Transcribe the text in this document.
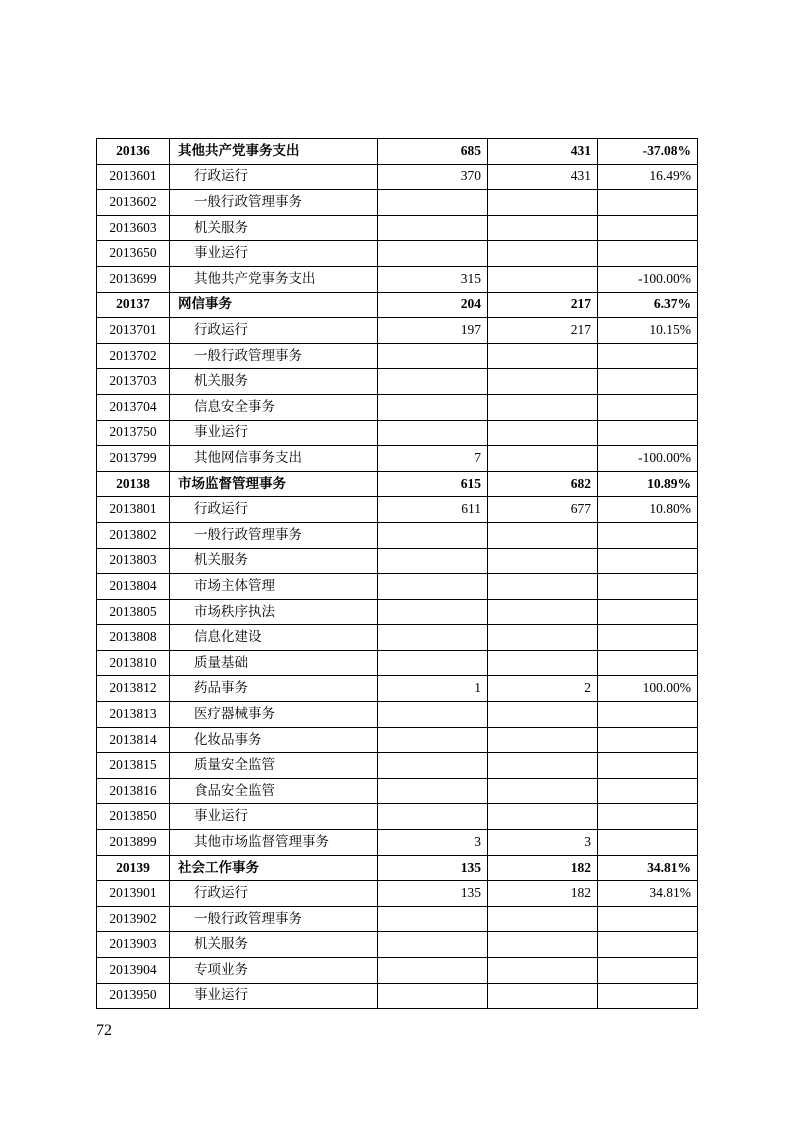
20136	其他共产党事务支出	685	431	-37.08%
2013601	行政运行	370	431	16.49%
2013602	一般行政管理事务			
2013603	机关服务			
2013650	事业运行			
2013699	其他共产党事务支出	315		-100.00%
20137	网信事务	204	217	6.37%
2013701	行政运行	197	217	10.15%
2013702	一般行政管理事务			
2013703	机关服务			
2013704	信息安全事务			
2013750	事业运行			
2013799	其他网信事务支出	7		-100.00%
20138	市场监督管理事务	615	682	10.89%
2013801	行政运行	611	677	10.80%
2013802	一般行政管理事务			
2013803	机关服务			
2013804	市场主体管理			
2013805	市场秩序执法			
2013808	信息化建设			
2013810	质量基础			
2013812	药品事务	1	2	100.00%
2013813	医疗器械事务			
2013814	化妆品事务			
2013815	质量安全监管			
2013816	食品安全监管			
2013850	事业运行			
2013899	其他市场监督管理事务	3	3	
20139	社会工作事务	135	182	34.81%
2013901	行政运行	135	182	34.81%
2013902	一般行政管理事务			
2013903	机关服务			
2013904	专项业务			
2013950	事业运行			
72
